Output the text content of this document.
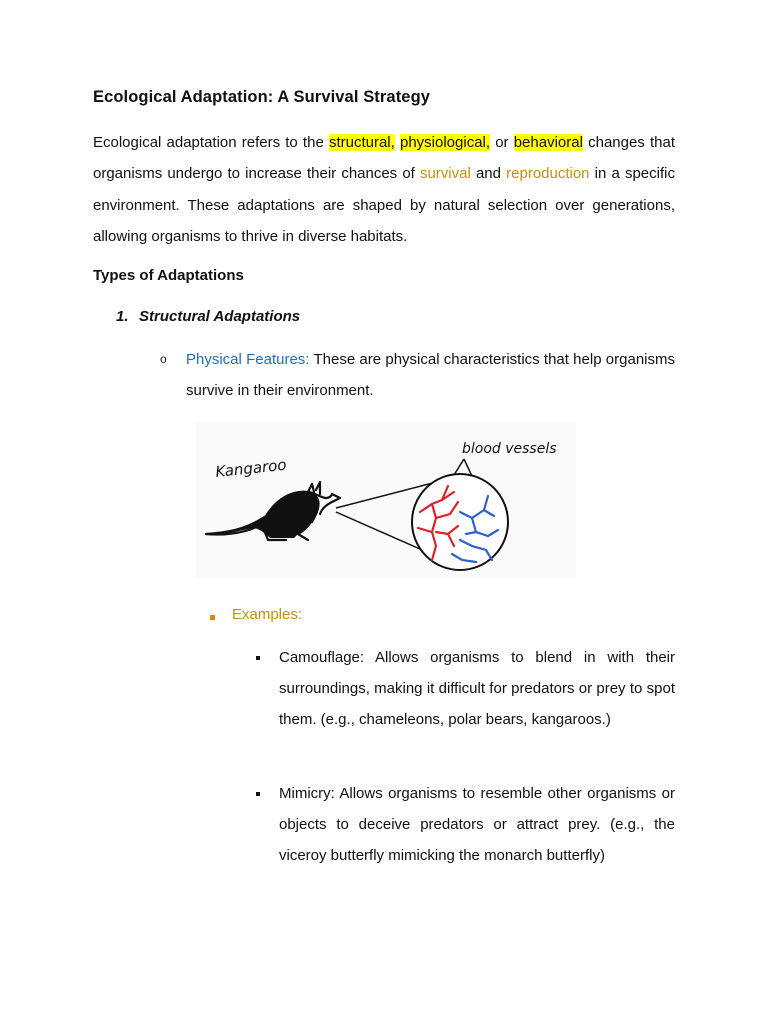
Ecological Adaptation: A Survival Strategy

Ecological adaptation refers to the structural, physiological, or behavioral changes that organisms undergo to increase their chances of survival and reproduction in a specific environment. These adaptations are shaped by natural selection over generations, allowing organisms to thrive in diverse habitats.

Types of Adaptations

1. Structural Adaptations

o Physical Features: These are physical characteristics that help organisms survive in their environment.

Kangaroo
blood vessels

Examples:

Camouflage: Allows organisms to blend in with their surroundings, making it difficult for predators or prey to spot them. (e.g., chameleons, polar bears, kangaroos.)

Mimicry: Allows organisms to resemble other organisms or objects to deceive predators or attract prey. (e.g., the viceroy butterfly mimicking the monarch butterfly)
